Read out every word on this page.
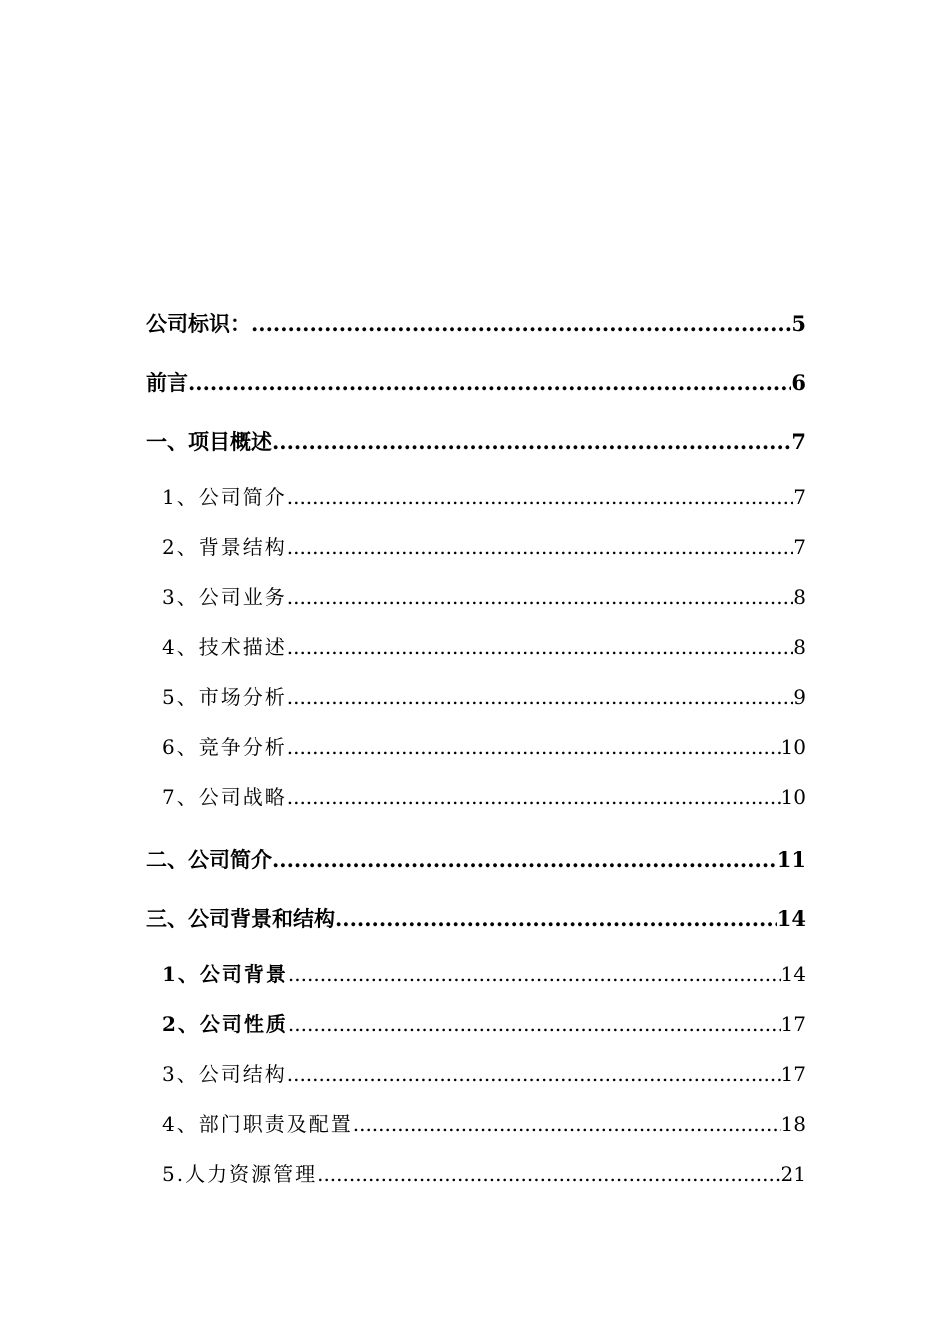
公司标识： .....	5
前言 .....	6
一、项目概述 .....	7
1、公司简介 .....	7
2、背景结构 .....	7
3、公司业务 .....	8
4、技术描述 .....	8
5、市场分析 .....	9
6、竞争分析 .....	10
7、公司战略 .....	10
二、公司简介 .....	11
三、公司背景和结构 .....	14
1、公司背景 .....	14
2、公司性质 .....	17
3、公司结构 .....	17
4、部门职责及配置 .....	18
5.人力资源管理 .....	21
